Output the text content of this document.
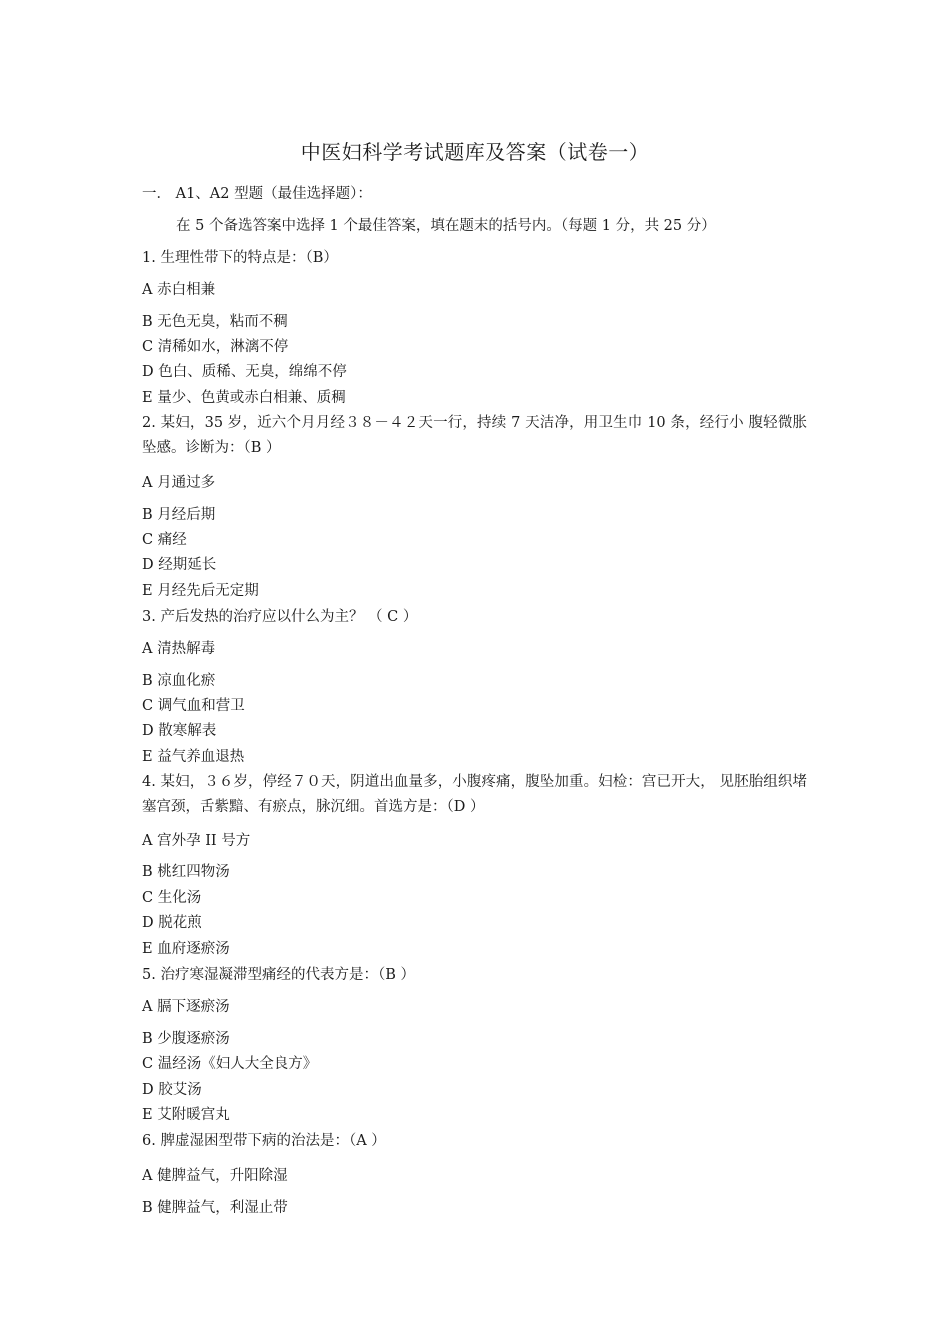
中医妇科学考试题库及答案（试卷一）
一． A1、A2 型题（最佳选择题）：
在 5 个备选答案中选择 1 个最佳答案，填在题末的括号内。（每题 1 分，共 25 分）
1. 生理性带下的特点是：（B）
A 赤白相兼
B 无色无臭，粘而不稠
C 清稀如水，淋漓不停
D 色白、质稀、无臭，绵绵不停
E 量少、色黄或赤白相兼、质稠
2. 某妇，35 岁，近六个月月经３８－４２天一行，持续 7 天洁净，用卫生巾 10 条，经行小 腹轻微胀坠感。诊断为：（B ）
A 月通过多
B 月经后期
C 痛经
D 经期延长
E 月经先后无定期
3. 产后发热的治疗应以什么为主？ （ C ）
A 清热解毒
B 凉血化瘀
C 调气血和营卫
D 散寒解表
E 益气养血退热
4. 某妇，３６岁，停经７０天，阴道出血量多，小腹疼痛，腹坠加重。妇检：宫已开大， 见胚胎组织堵塞宫颈，舌紫黯、有瘀点，脉沉细。首选方是：（D ）
A 宫外孕 II 号方
B 桃红四物汤
C 生化汤
D 脱花煎
E 血府逐瘀汤
5. 治疗寒湿凝滞型痛经的代表方是：（B ）
A 膈下逐瘀汤
B 少腹逐瘀汤
C 温经汤《妇人大全良方》
D 胶艾汤
E 艾附暖宫丸
6. 脾虚湿困型带下病的治法是：（A ）
A 健脾益气，升阳除湿
B 健脾益气，利湿止带
